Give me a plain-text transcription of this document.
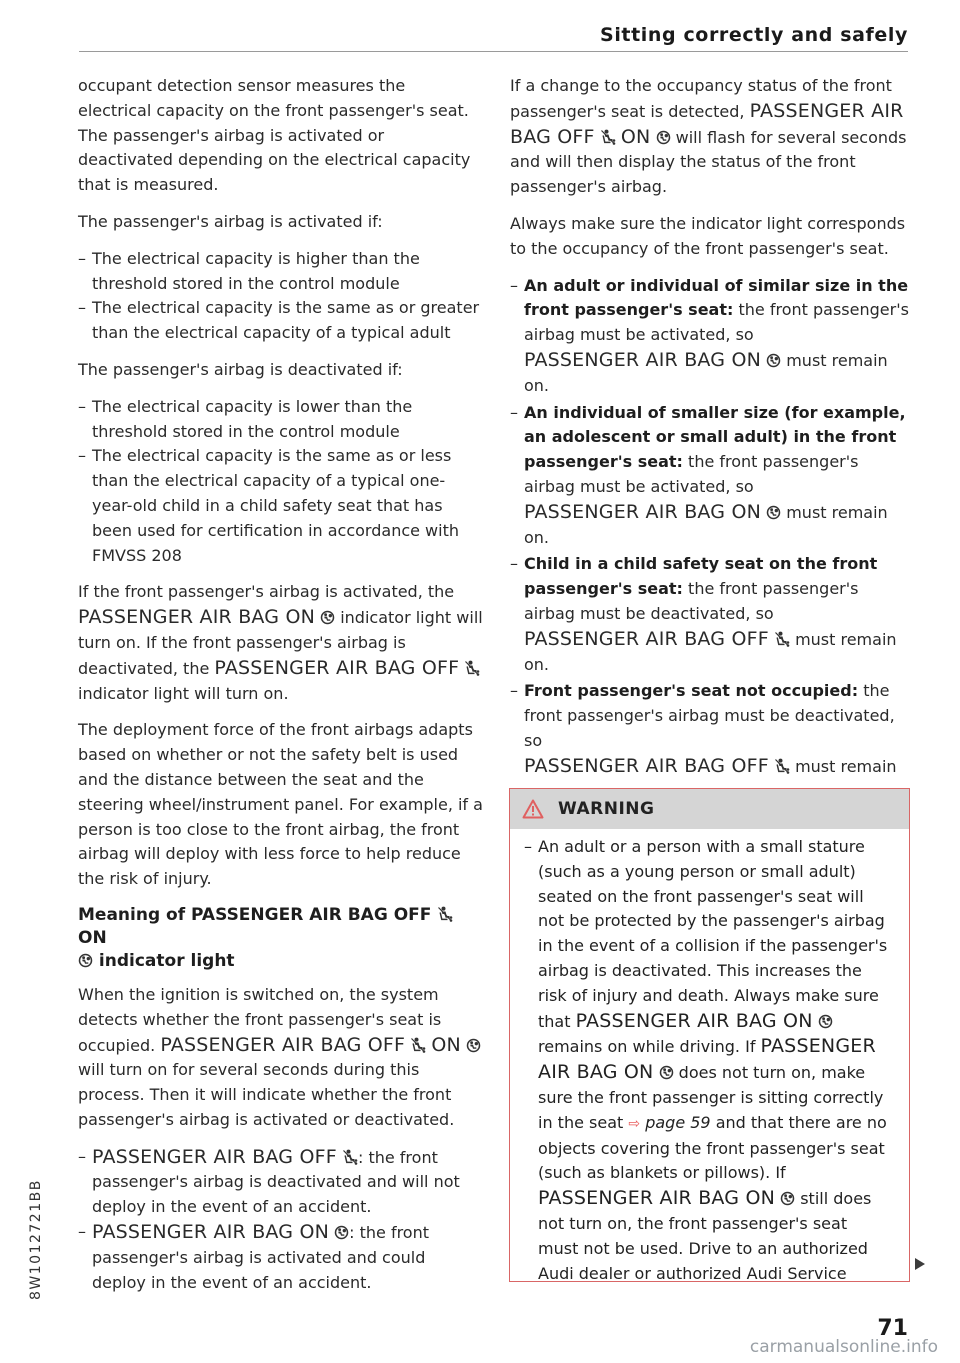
Sitting correctly and safely

occupant detection sensor measures the electrical capacity on the front passenger's seat. The passenger's airbag is activated or deactivated depending on the electrical capacity that is measured.

The passenger's airbag is activated if:

– The electrical capacity is higher than the threshold stored in the control module
– The electrical capacity is the same as or greater than the electrical capacity of a typical adult

The passenger's airbag is deactivated if:

– The electrical capacity is lower than the threshold stored in the control module
– The electrical capacity is the same as or less than the electrical capacity of a typical one-year-old child in a child safety seat that has been used for certification in accordance with FMVSS 208

If the front passenger's airbag is activated, the PASSENGER AIR BAG ON indicator light will turn on. If the front passenger's airbag is deactivated, the PASSENGER AIR BAG OFF  indicator light will turn on.

The deployment force of the front airbags adapts based on whether or not the safety belt is used and the distance between the seat and the steering wheel/instrument panel. For example, if a person is too close to the front airbag, the front airbag will deploy with less force to help reduce the risk of injury.

Meaning of PASSENGER AIR BAG OFF  ON
indicator light

When the ignition is switched on, the system detects whether the front passenger's seat is occupied. PASSENGER AIR BAG OFF ON  will turn on for several seconds during this process. Then it will indicate whether the front passenger's airbag is activated or deactivated.

– PASSENGER AIR BAG OFF : the front passenger's airbag is deactivated and will not deploy in the event of an accident.
– PASSENGER AIR BAG ON : the front passenger's airbag is activated and could deploy in the event of an accident.

If a change to the occupancy status of the front passenger's seat is detected, PASSENGER AIR BAG OFF ON will flash for several seconds and will then display the status of the front passenger's airbag.

Always make sure the indicator light corresponds to the occupancy of the front passenger's seat.

– An adult or individual of similar size in the front passenger's seat: the front passenger's airbag must be activated, so
PASSENGER AIR BAG ON must remain on.
– An individual of smaller size (for example, an adolescent or small adult) in the front passenger's seat: the front passenger's airbag must be activated, so
PASSENGER AIR BAG ON must remain on.
– Child in a child safety seat on the front passenger's seat: the front passenger's airbag must be deactivated, so
PASSENGER AIR BAG OFF must remain on.
– Front passenger's seat not occupied: the front passenger's airbag must be deactivated, so
PASSENGER AIR BAG OFF must remain
WARNING
– An adult or a person with a small stature (such as a young person or small adult) seated on the front passenger's seat will not be protected by the passenger's airbag in the event of a collision if the passenger's airbag is deactivated. This increases the risk of injury and death. Always make sure that PASSENGER AIR BAG ON  remains on while driving. If PASSENGER AIR BAG ON does not turn on, make sure the front passenger is sitting correctly in the seat ⇨ page 59 and that there are no objects covering the front passenger's seat (such as blankets or pillows). If PASSENGER AIR BAG ON still does not turn on, the front passenger's seat must not be used. Drive to an authorized Audi dealer or authorized Audi Service
8W1012721BB
71
carmanualsonline.info
